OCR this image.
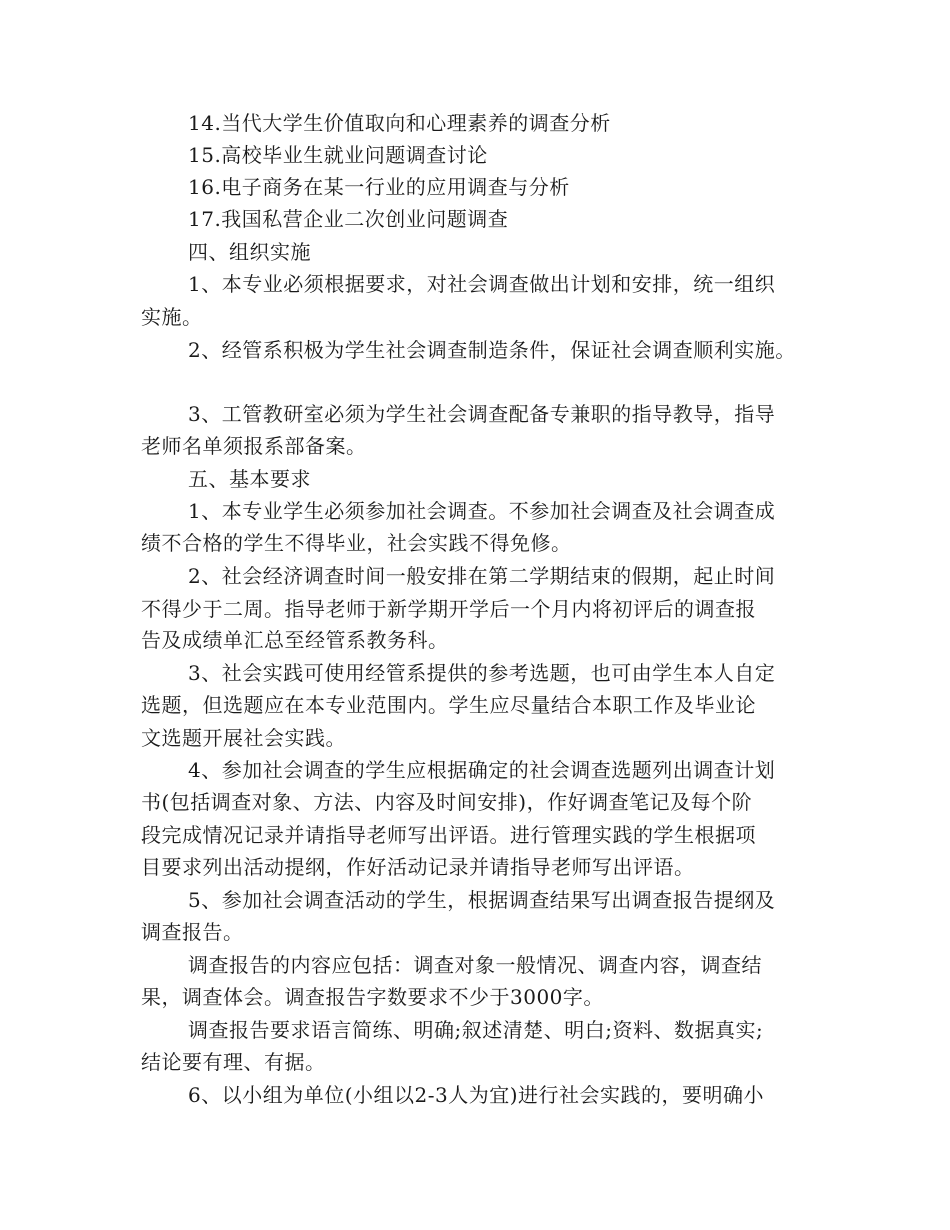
14.当代大学生价值取向和心理素养的调查分析
15.高校毕业生就业问题调查讨论
16.电子商务在某一行业的应用调查与分析
17.我国私营企业二次创业问题调查
四、组织实施
1、本专业必须根据要求，对社会调查做出计划和安排，统一组织
实施。
2、经管系积极为学生社会调查制造条件，保证社会调查顺利实施。
3、工管教研室必须为学生社会调查配备专兼职的指导教导，指导
老师名单须报系部备案。
五、基本要求
1、本专业学生必须参加社会调查。不参加社会调查及社会调查成
绩不合格的学生不得毕业，社会实践不得免修。
2、社会经济调查时间一般安排在第二学期结束的假期，起止时间
不得少于二周。指导老师于新学期开学后一个月内将初评后的调查报
告及成绩单汇总至经管系教务科。
3、社会实践可使用经管系提供的参考选题，也可由学生本人自定
选题，但选题应在本专业范围内。学生应尽量结合本职工作及毕业论
文选题开展社会实践。
4、参加社会调查的学生应根据确定的社会调查选题列出调查计划
书(包括调查对象、方法、内容及时间安排)，作好调查笔记及每个阶
段完成情况记录并请指导老师写出评语。进行管理实践的学生根据项
目要求列出活动提纲，作好活动记录并请指导老师写出评语。
5、参加社会调查活动的学生，根据调查结果写出调查报告提纲及
调查报告。
调查报告的内容应包括：调查对象一般情况、调查内容，调查结
果，调查体会。调查报告字数要求不少于3000字。
调查报告要求语言简练、明确;叙述清楚、明白;资料、数据真实;
结论要有理、有据。
6、以小组为单位(小组以2-3人为宜)进行社会实践的，要明确小
